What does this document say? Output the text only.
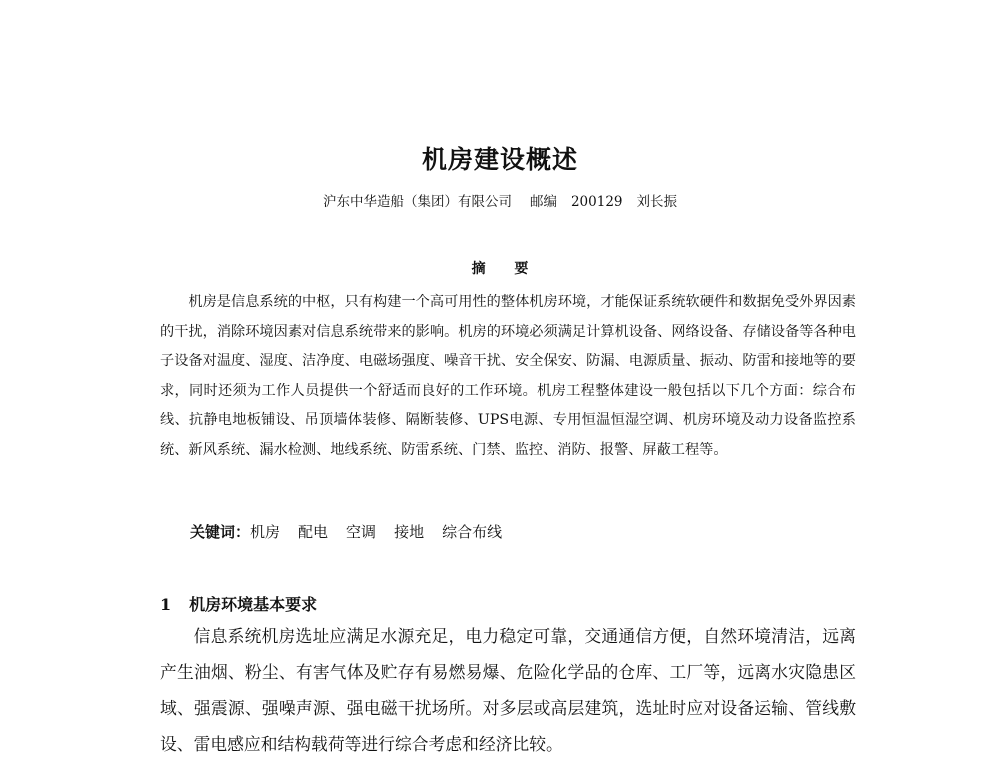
机房建设概述
沪东中华造船（集团）有限公司 邮编 200129 刘长振
摘 要

机房是信息系统的中枢，只有构建一个高可用性的整体机房环境，才能保证系统软硬件和数据免受外界因素的干扰，消除环境因素对信息系统带来的影响。机房的环境必须满足计算机设备、网络设备、存储设备等各种电子设备对温度、湿度、洁净度、电磁场强度、噪音干扰、安全保安、防漏、电源质量、振动、防雷和接地等的要求，同时还须为工作人员提供一个舒适而良好的工作环境。机房工程整体建设一般包括以下几个方面：综合布线、抗静电地板铺设、吊顶墙体装修、隔断装修、UPS电源、专用恒温恒湿空调、机房环境及动力设备监控系统、新风系统、漏水检测、地线系统、防雷系统、门禁、监控、消防、报警、屏蔽工程等。

关键词：机房 配电 空调 接地 综合布线
1 机房环境基本要求

信息系统机房选址应满足水源充足，电力稳定可靠，交通通信方便，自然环境清洁，远离产生油烟、粉尘、有害气体及贮存有易燃易爆、危险化学品的仓库、工厂等，远离水灾隐患区域、强震源、强噪声源、强电磁干扰场所。对多层或高层建筑，选址时应对设备运输、管线敷设、雷电感应和结构载荷等进行综合考虑和经济比较。
